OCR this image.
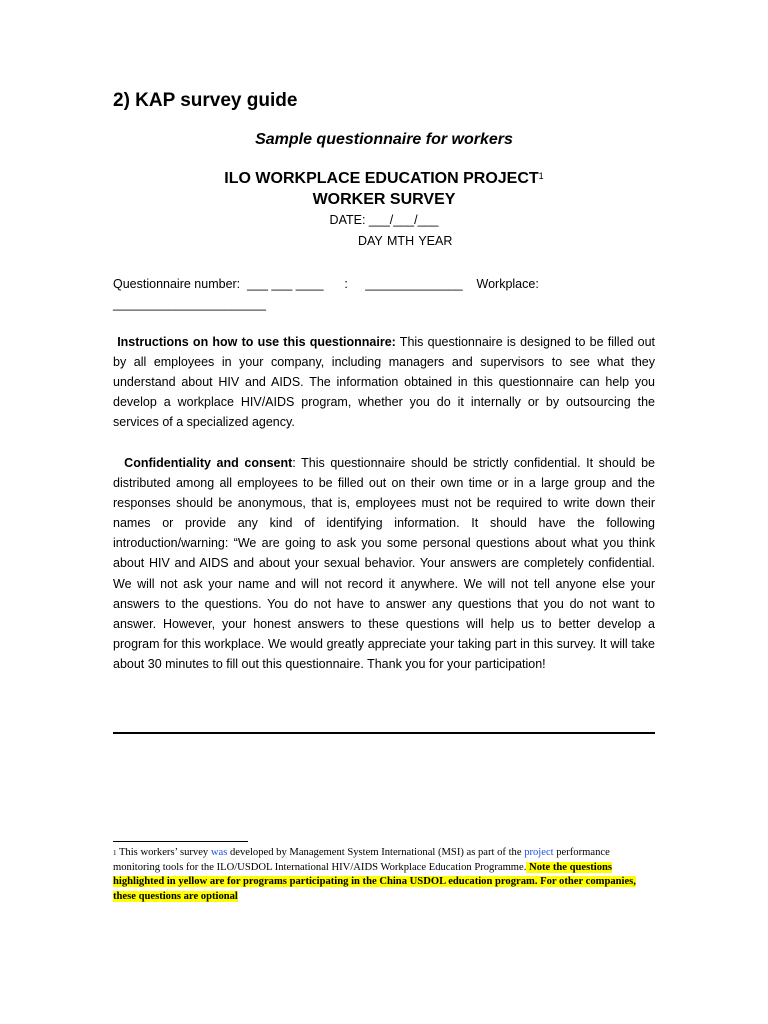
2) KAP survey guide
Sample questionnaire for workers
ILO WORKPLACE EDUCATION PROJECT$^1$
WORKER SURVEY
DATE: ___/___/___
DAY MTH YEAR
Questionnaire number: ___ ___ ____ : ______________ Workplace:
______________________

Instructions on how to use this questionnaire: This questionnaire is designed to be filled out by all employees in your company, including managers and supervisors to see what they understand about HIV and AIDS. The information obtained in this questionnaire can help you develop a workplace HIV/AIDS program, whether you do it internally or by outsourcing the services of a specialized agency.

Confidentiality and consent: This questionnaire should be strictly confidential. It should be distributed among all employees to be filled out on their own time or in a large group and the responses should be anonymous, that is, employees must not be required to write down their names or provide any kind of identifying information. It should have the following introduction/warning: “We are going to ask you some personal questions about what you think about HIV and AIDS and about your sexual behavior. Your answers are completely confidential. We will not ask your name and will not record it anywhere. We will not tell anyone else your answers to the questions. You do not have to answer any questions that you do not want to answer. However, your honest answers to these questions will help us to better develop a program for this workplace. We would greatly appreciate your taking part in this survey. It will take about 30 minutes to fill out this questionnaire. Thank you for your participation!

$^1$ This workers’ survey was developed by Management System International (MSI) as part of the project performance monitoring tools for the ILO/USDOL International HIV/AIDS Workplace Education Programme. Note the questions highlighted in yellow are for programs participating in the China USDOL education program. For other companies, these questions are optional
